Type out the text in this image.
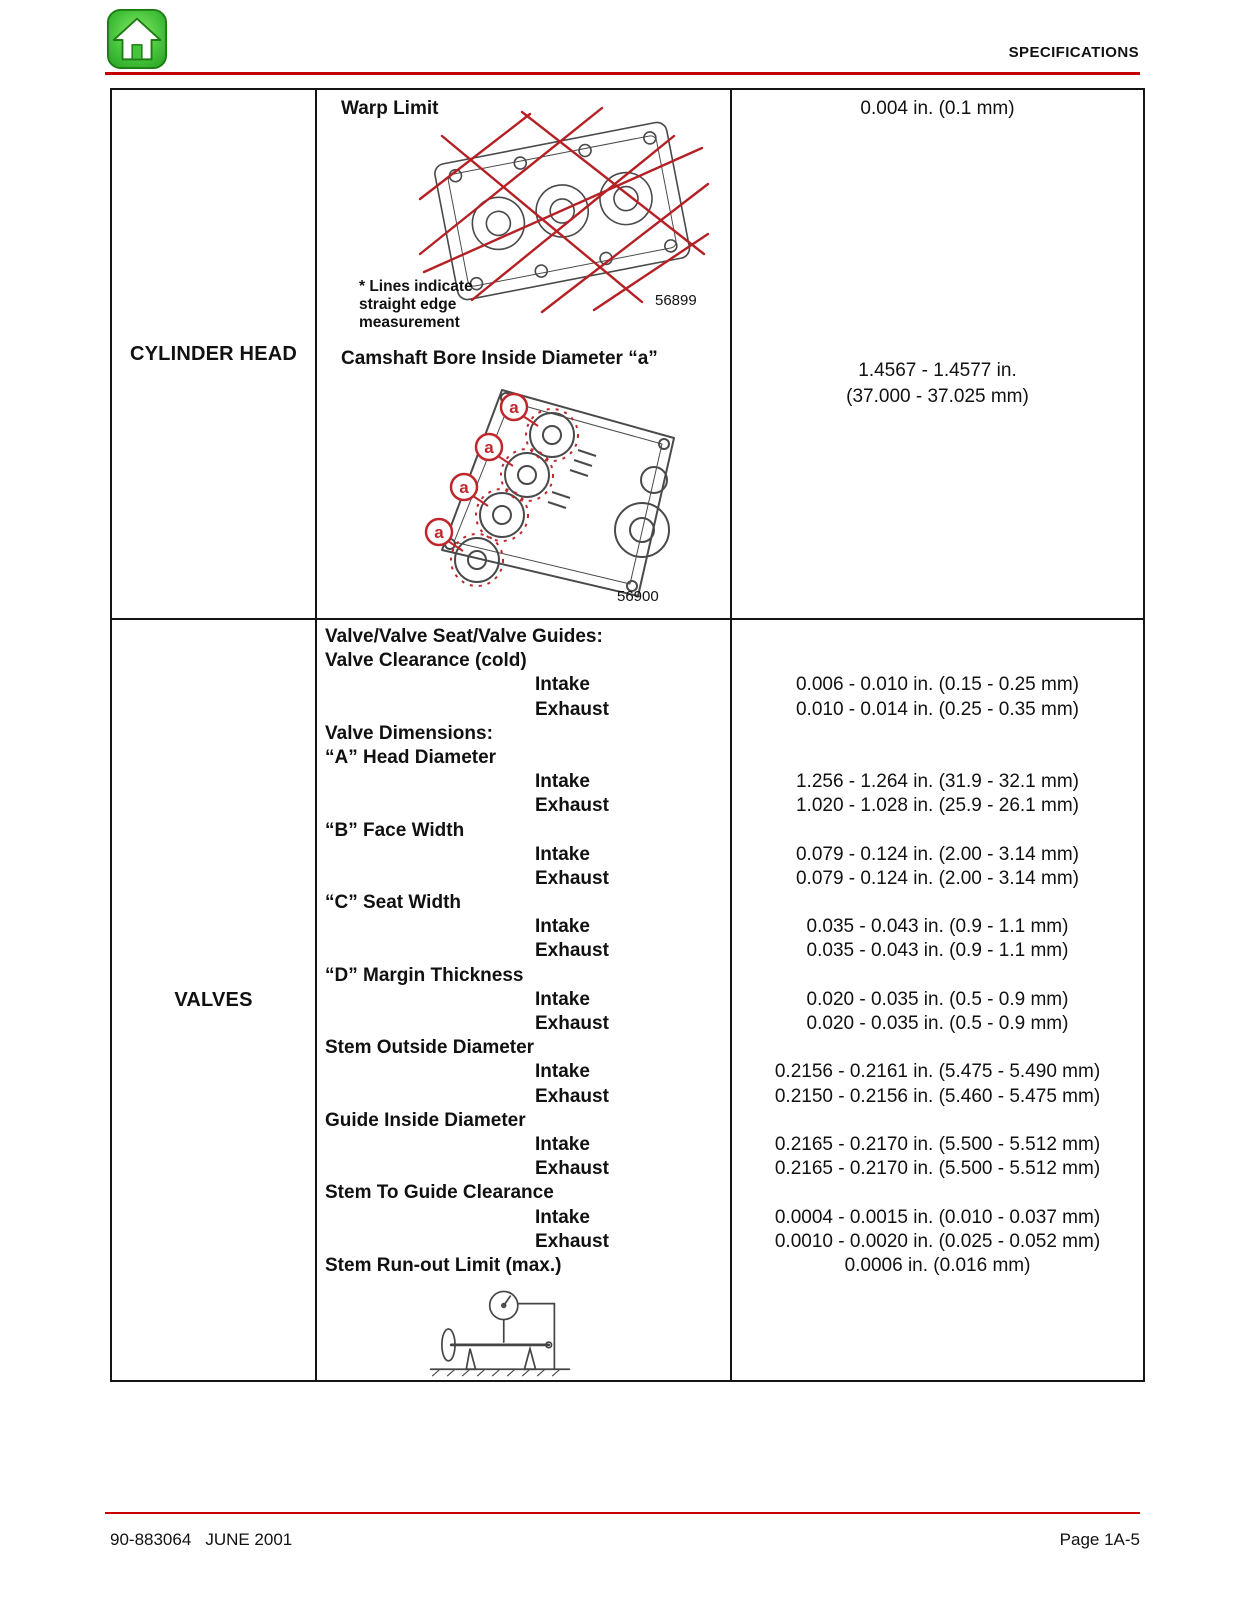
SPECIFICATIONS
CYLINDER HEAD
Warp Limit
* Lines indicate
straight edge
measurement
56899
Camshaft Bore Inside Diameter “a”
a
a
a
a
56900
0.004 in. (0.1 mm)
1.4567 - 1.4577 in.
(37.000 - 37.025 mm)
VALVES
Valve/Valve Seat/Valve Guides:
Valve Clearance (cold)
Intake
Exhaust
Valve Dimensions:
“A” Head Diameter
Intake
Exhaust
“B” Face Width
Intake
Exhaust
“C” Seat Width
Intake
Exhaust
“D” Margin Thickness
Intake
Exhaust
Stem Outside Diameter
Intake
Exhaust
Guide Inside Diameter
Intake
Exhaust
Stem To Guide Clearance
Intake
Exhaust
Stem Run-out Limit (max.)
0.006 - 0.010 in. (0.15 - 0.25 mm)
0.010 - 0.014 in. (0.25 - 0.35 mm)
1.256 - 1.264 in. (31.9 - 32.1 mm)
1.020 - 1.028 in. (25.9 - 26.1 mm)
0.079 - 0.124 in. (2.00 - 3.14 mm)
0.079 - 0.124 in. (2.00 - 3.14 mm)
0.035 - 0.043 in. (0.9 - 1.1 mm)
0.035 - 0.043 in. (0.9 - 1.1 mm)
0.020 - 0.035 in. (0.5 - 0.9 mm)
0.020 - 0.035 in. (0.5 - 0.9 mm)
0.2156 - 0.2161 in. (5.475 - 5.490 mm)
0.2150 - 0.2156 in. (5.460 - 5.475 mm)
0.2165 - 0.2170 in. (5.500 - 5.512 mm)
0.2165 - 0.2170 in. (5.500 - 5.512 mm)
0.0004 - 0.0015 in. (0.010 - 0.037 mm)
0.0010 - 0.0020 in. (0.025 - 0.052 mm)
0.0006 in. (0.016 mm)
90-883064 JUNE 2001	Page 1A-5
